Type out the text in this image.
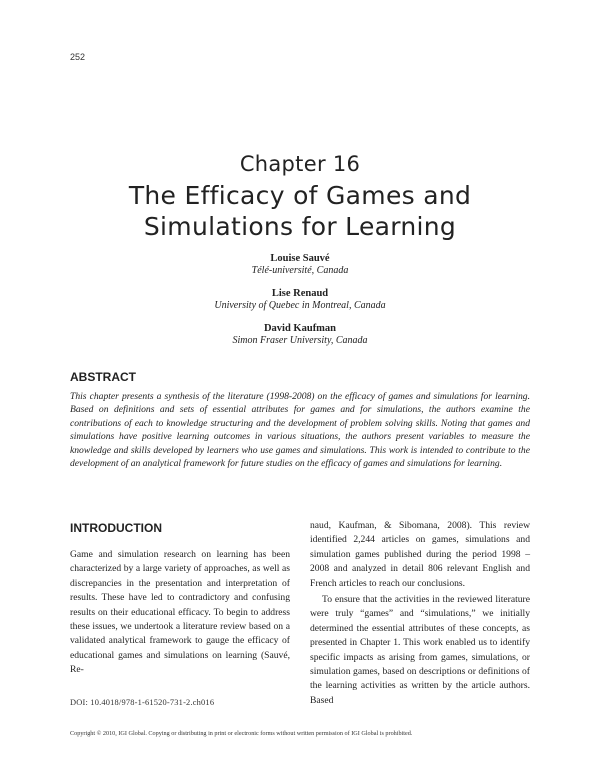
252
Chapter 16
The Efficacy of Games and
Simulations for Learning
Louise Sauvé
Télé-université, Canada
Lise Renaud
University of Quebec in Montreal, Canada
David Kaufman
Simon Fraser University, Canada
ABSTRACT

This chapter presents a synthesis of the literature (1998-2008) on the efficacy of games and simulations for learning. Based on definitions and sets of essential attributes for games and for simulations, the authors examine the contributions of each to knowledge structuring and the development of problem solving skills. Noting that games and simulations have positive learning outcomes in various situations, the authors present variables to measure the knowledge and skills developed by learners who use games and simulations. This work is intended to contribute to the development of an analytical framework for future studies on the efficacy of games and simulations for learning.

INTRODUCTION

Game and simulation research on learning has been characterized by a large variety of approaches, as well as discrepancies in the presentation and interpretation of results. These have led to contradictory and confusing results on their educational efficacy. To begin to address these issues, we undertook a literature review based on a validated analytical framework to gauge the efficacy of educational games and simulations on learning (Sauvé, Re-

naud, Kaufman, & Sibomana, 2008). This review identified 2,244 articles on games, simulations and simulation games published during the period 1998 – 2008 and analyzed in detail 806 relevant English and French articles to reach our conclusions.

To ensure that the activities in the reviewed literature were truly “games” and “simulations,” we initially determined the essential attributes of these concepts, as presented in Chapter 1. This work enabled us to identify specific impacts as arising from games, simulations, or simulation games, based on descriptions or definitions of the learning activities as written by the article authors. Based

DOI: 10.4018/978-1-61520-731-2.ch016
Copyright © 2010, IGI Global. Copying or distributing in print or electronic forms without written permission of IGI Global is prohibited.
